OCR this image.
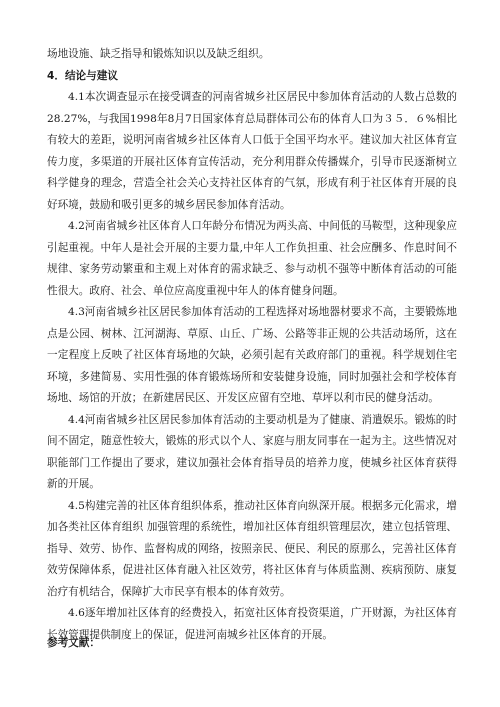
场地设施、缺乏指导和锻炼知识以及缺乏组织。

4．结论与建议

4.1本次调查显示在接受调查的河南省城乡社区居民中参加体育活动的人数占总数的28.27%，与我国1998年8月7日国家体育总局群体司公布的体育人口为３５．６%相比有较大的差距，说明河南省城乡社区体育人口低于全国平均水平。建议加大社区体育宣传力度，多渠道的开展社区体育宣传活动，充分利用群众传播媒介，引导市民逐渐树立科学健身的理念，营造全社会关心支持社区体育的气氛，形成有利于社区体育开展的良好环境，鼓励和吸引更多的城乡居民参加体育活动。

4.2河南省城乡社区体育人口年龄分布情况为两头高、中间低的马鞍型，这种现象应引起重视。中年人是社会开展的主要力量,中年人工作负担重、社会应酬多、作息时间不规律、家务劳动繁重和主观上对体育的需求缺乏、参与动机不强等中断体育活动的可能性很大。政府、社会、单位应高度重视中年人的体育健身问题。

4.3河南省城乡社区居民参加体育活动的工程选择对场地器材要求不高，主要锻炼地点是公园、树林、江河湖海、草原、山丘、广场、公路等非正规的公共活动场所，这在一定程度上反映了社区体育场地的欠缺，必须引起有关政府部门的重视。科学规划住宅环境，多建简易、实用性强的体育锻炼场所和安装健身设施，同时加强社会和学校体育场地、场馆的开放；在新建居民区、开发区应留有空地、草坪以利市民的健身活动。

4.4河南省城乡社区居民参加体育活动的主要动机是为了健康、消遣娱乐。锻炼的时间不固定，随意性较大，锻炼的形式以个人、家庭与朋友同事在一起为主。这些情况对职能部门工作提出了要求，建议加强社会体育指导员的培养力度，使城乡社区体育获得新的开展。

4.5构建完善的社区体育组织体系，推动社区体育向纵深开展。根据多元化需求，增加各类社区体育组织 加强管理的系统性，增加社区体育组织管理层次，建立包括管理、指导、效劳、协作、监督构成的网络，按照亲民、便民、利民的原那么，完善社区体育效劳保障体系，促进社区体育融入社区效劳，将社区体育与体质监测、疾病预防、康复治疗有机结合，保障扩大市民享有根本的体育效劳。

4.6逐年增加社区体育的经费投入，拓宽社区体育投资渠道，广开财源，为社区体育长效管理提供制度上的保证，促进河南城乡社区体育的开展。

参考文献：
